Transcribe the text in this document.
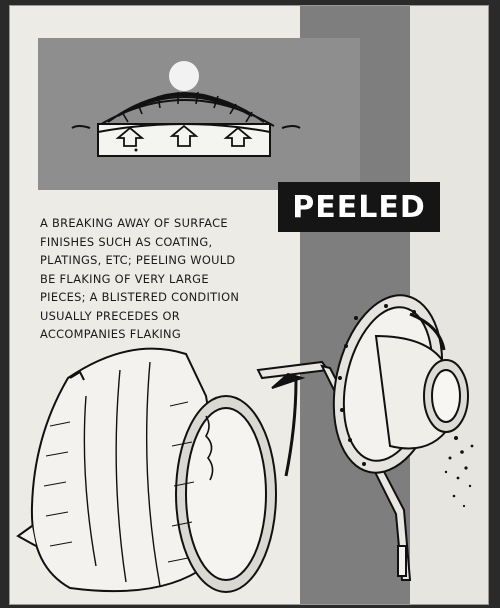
PEELED
A BREAKING AWAY OF SURFACE
FINISHES SUCH AS COATING,
PLATINGS, ETC; PEELING WOULD
BE FLAKING OF VERY LARGE
PIECES; A BLISTERED CONDITION
USUALLY PRECEDES OR
ACCOMPANIES FLAKING
